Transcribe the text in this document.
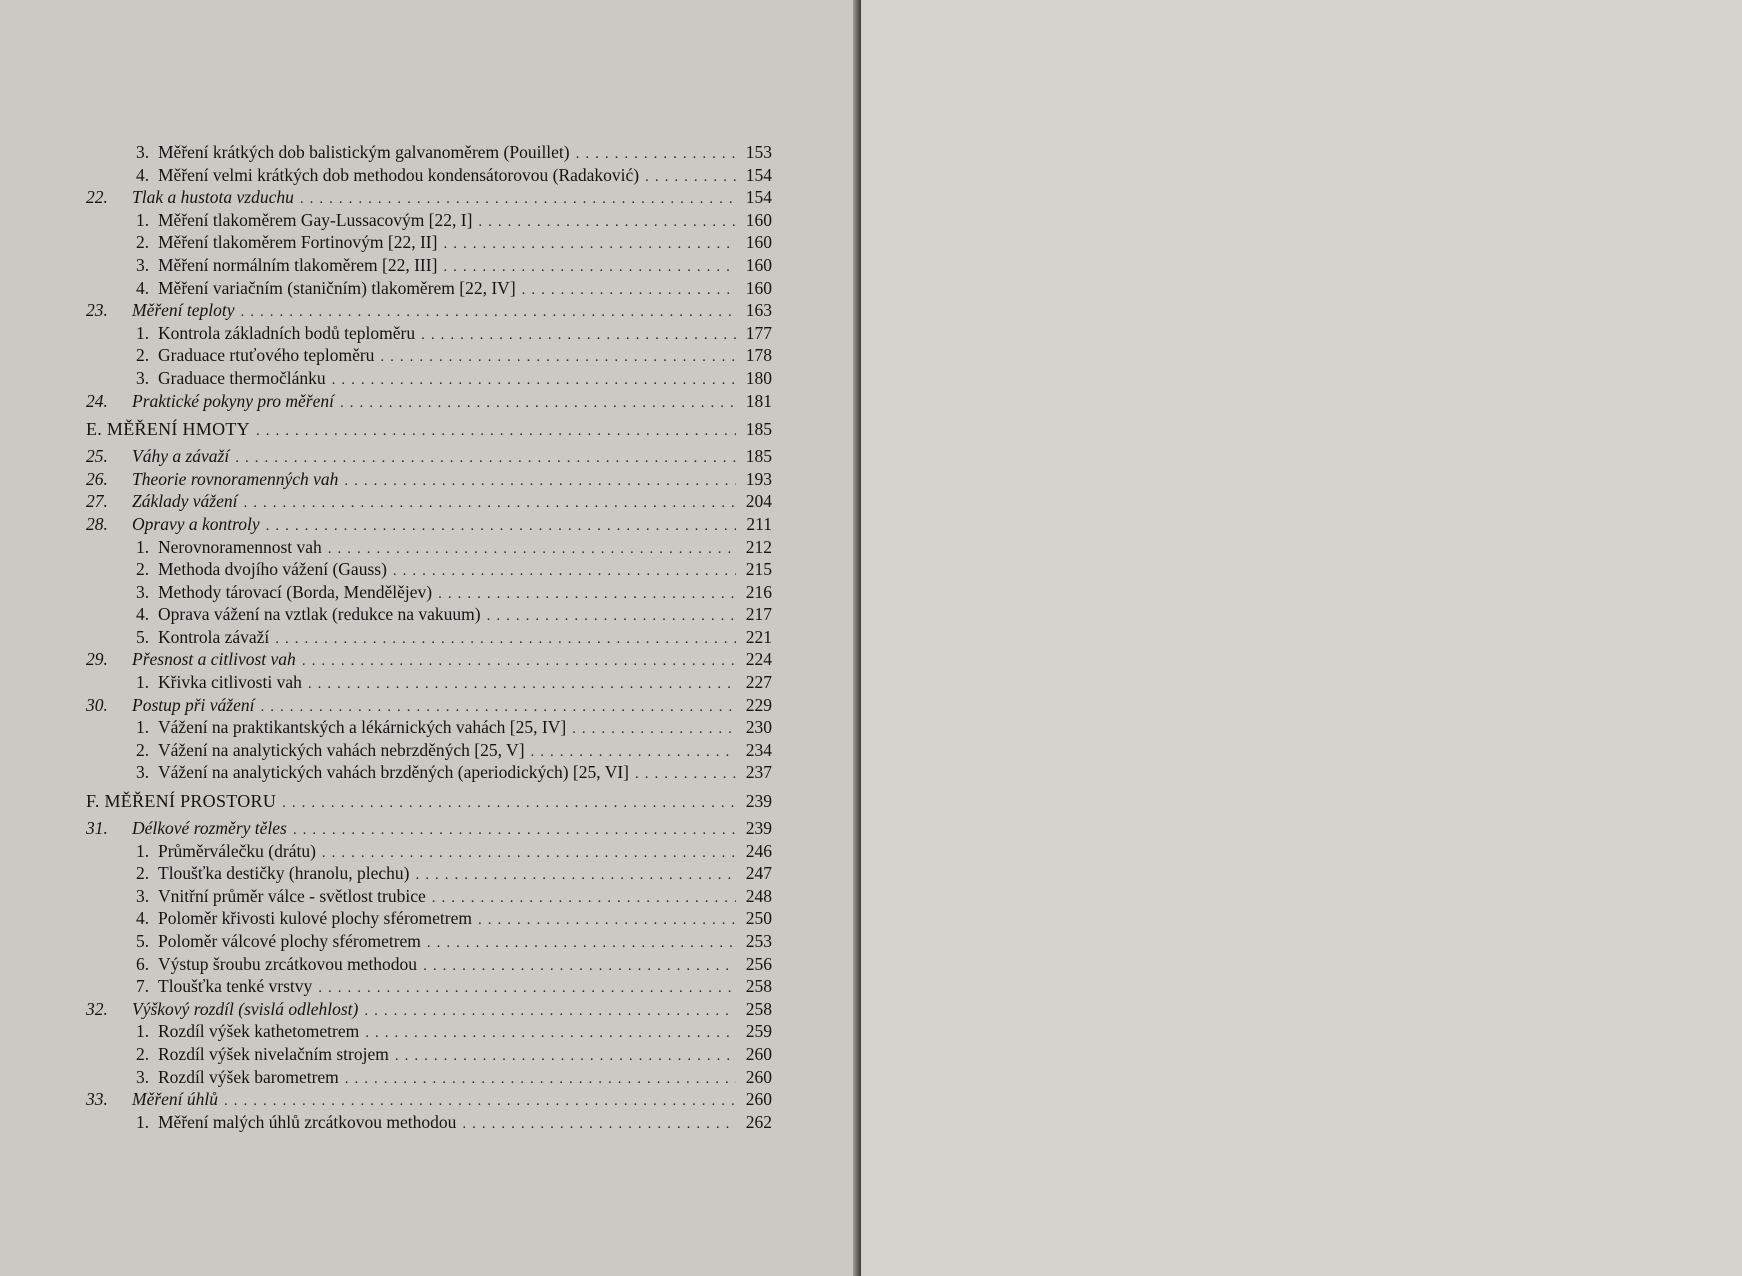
3. Měření krátkých dob balistickým galvanoměrem (Pouillet) .....	153
4. Měření velmi krátkých dob methodou kondensátorovou (Radaković) .....	154
22.	Tlak a hustota vzduchu .....	154
1. Měření tlakoměrem Gay-Lussacovým [22, I] .....	160
2. Měření tlakoměrem Fortinovým [22, II] .....	160
3. Měření normálním tlakoměrem [22, III] .....	160
4. Měření variačním (staničním) tlakoměrem [22, IV] .....	160
23.	Měření teploty .....	163
1. Kontrola základních bodů teploměru .....	177
2. Graduace rtuťového teploměru .....	178
3. Graduace thermočlánku .....	180
24.	Praktické pokyny pro měření .....	181
E. MĚŘENÍ HMOTY .....	185
25.	Váhy a závaží .....	185
26.	Theorie rovnoramenných vah .....	193
27.	Základy vážení .....	204
28.	Opravy a kontroly .....	211
1. Nerovnoramennost vah .....	212
2. Methoda dvojího vážení (Gauss) .....	215
3. Methody tárovací (Borda, Mendělějev) .....	216
4. Oprava vážení na vztlak (redukce na vakuum) .....	217
5. Kontrola závaží .....	221
29.	Přesnost a citlivost vah .....	224
1. Křivka citlivosti vah .....	227
30.	Postup při vážení .....	229
1. Vážení na praktikantských a lékárnických vahách [25, IV] .....	230
2. Vážení na analytických vahách nebrzděných [25, V] .....	234
3. Vážení na analytických vahách brzděných (aperiodických) [25, VI] .....	237
F. MĚŘENÍ PROSTORU .....	239
31.	Délkové rozměry těles .....	239
1. Průměrválečku (drátu) .....	246
2. Tloušťka destičky (hranolu, plechu) .....	247
3. Vnitřní průměr válce - světlost trubice .....	248
4. Poloměr křivosti kulové plochy sférometrem .....	250
5. Poloměr válcové plochy sférometrem .....	253
6. Výstup šroubu zrcátkovou methodou .....	256
7. Tloušťka tenké vrstvy .....	258
32.	Výškový rozdíl (svislá odlehlost) .....	258
1. Rozdíl výšek kathetometrem .....	259
2. Rozdíl výšek nivelačním strojem .....	260
3. Rozdíl výšek barometrem .....	260
33.	Měření úhlů .....	260
1. Měření malých úhlů zrcátkovou methodou .....	262
